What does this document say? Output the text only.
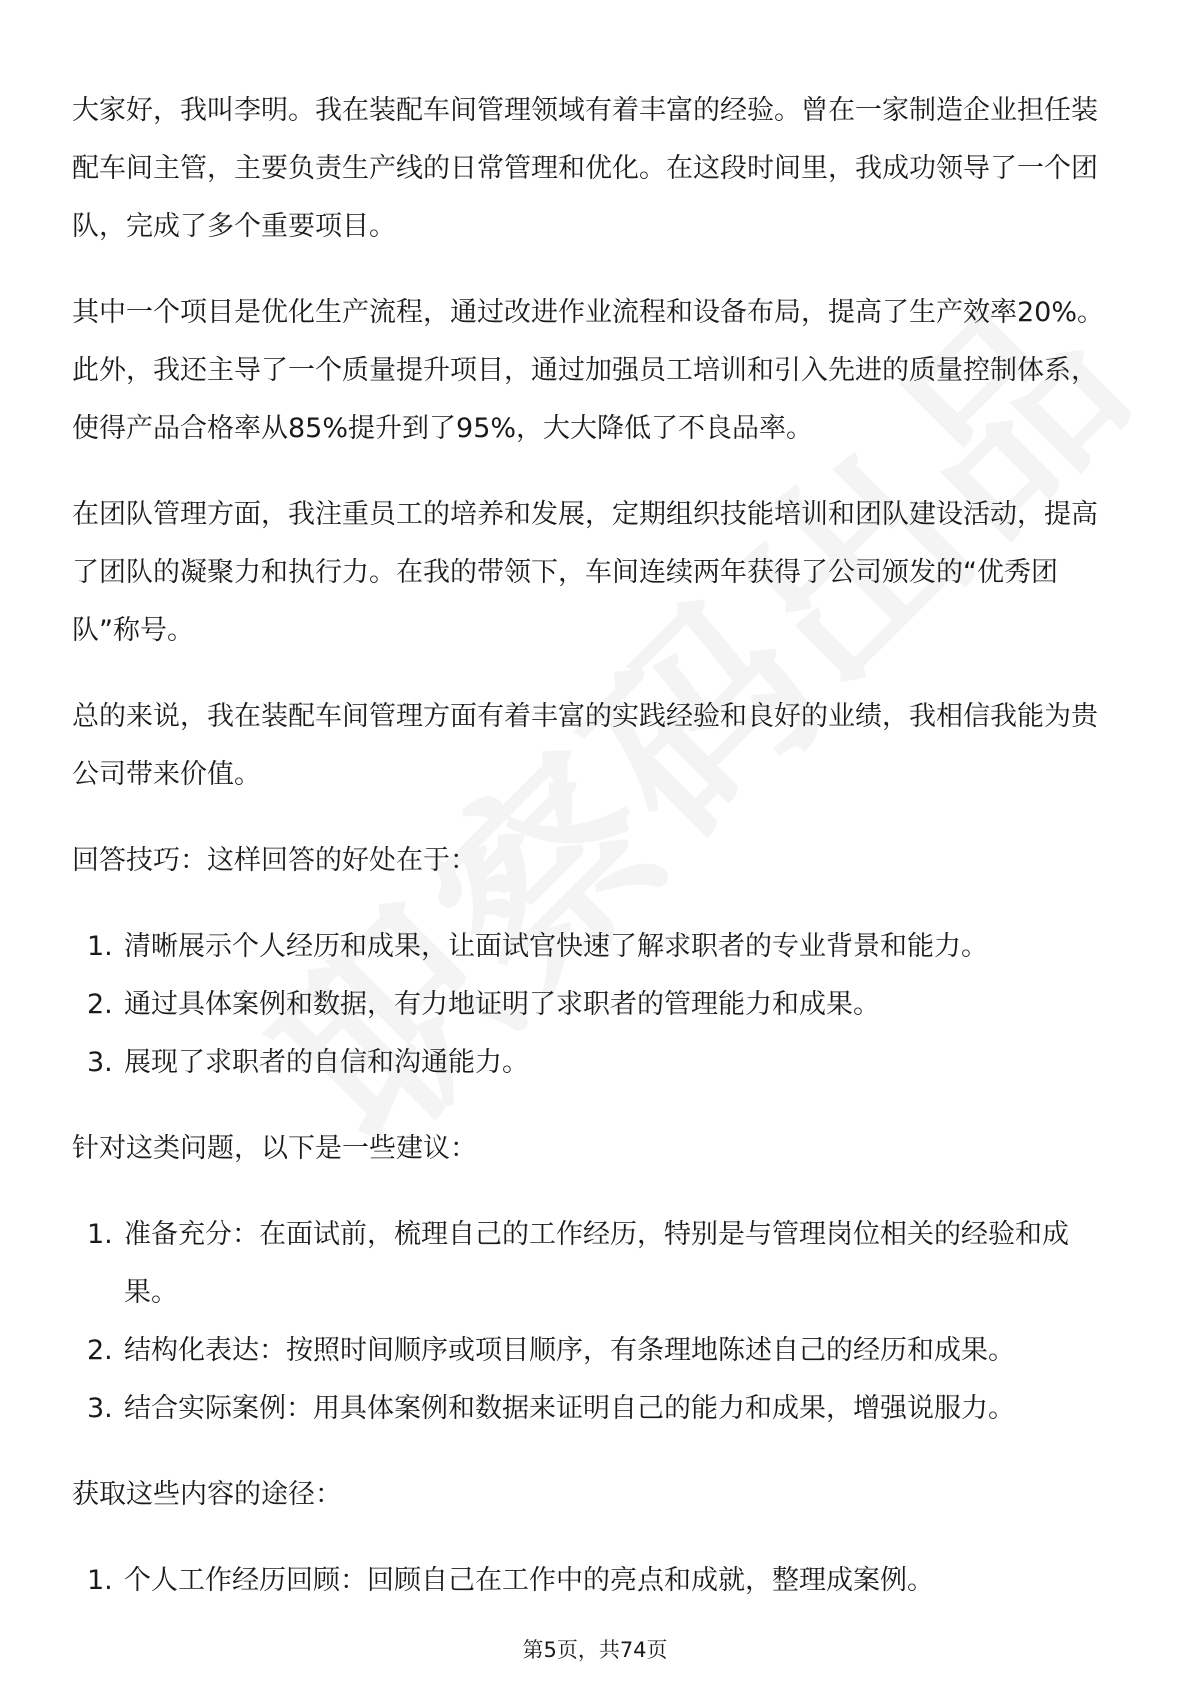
大家好，我叫李明。我在装配车间管理领域有着丰富的经验。曾在一家制造企业担任装配车间主管，主要负责生产线的日常管理和优化。在这段时间里，我成功领导了一个团队，完成了多个重要项目。

其中一个项目是优化生产流程，通过改进作业流程和设备布局，提高了生产效率20%。此外，我还主导了一个质量提升项目，通过加强员工培训和引入先进的质量控制体系，使得产品合格率从85%提升到了95%，大大降低了不良品率。

在团队管理方面，我注重员工的培养和发展，定期组织技能培训和团队建设活动，提高了团队的凝聚力和执行力。在我的带领下，车间连续两年获得了公司颁发的“优秀团队”称号。

总的来说，我在装配车间管理方面有着丰富的实践经验和良好的业绩，我相信我能为贵公司带来价值。

回答技巧：这样回答的好处在于：

1. 清晰展示个人经历和成果，让面试官快速了解求职者的专业背景和能力。
2. 通过具体案例和数据，有力地证明了求职者的管理能力和成果。
3. 展现了求职者的自信和沟通能力。

针对这类问题，以下是一些建议：

1. 准备充分：在面试前，梳理自己的工作经历，特别是与管理岗位相关的经验和成果。
2. 结构化表达：按照时间顺序或项目顺序，有条理地陈述自己的经历和成果。
3. 结合实际案例：用具体案例和数据来证明自己的能力和成果，增强说服力。

获取这些内容的途径：

1. 个人工作经历回顾：回顾自己在工作中的亮点和成就，整理成案例。
第5页，共74页
